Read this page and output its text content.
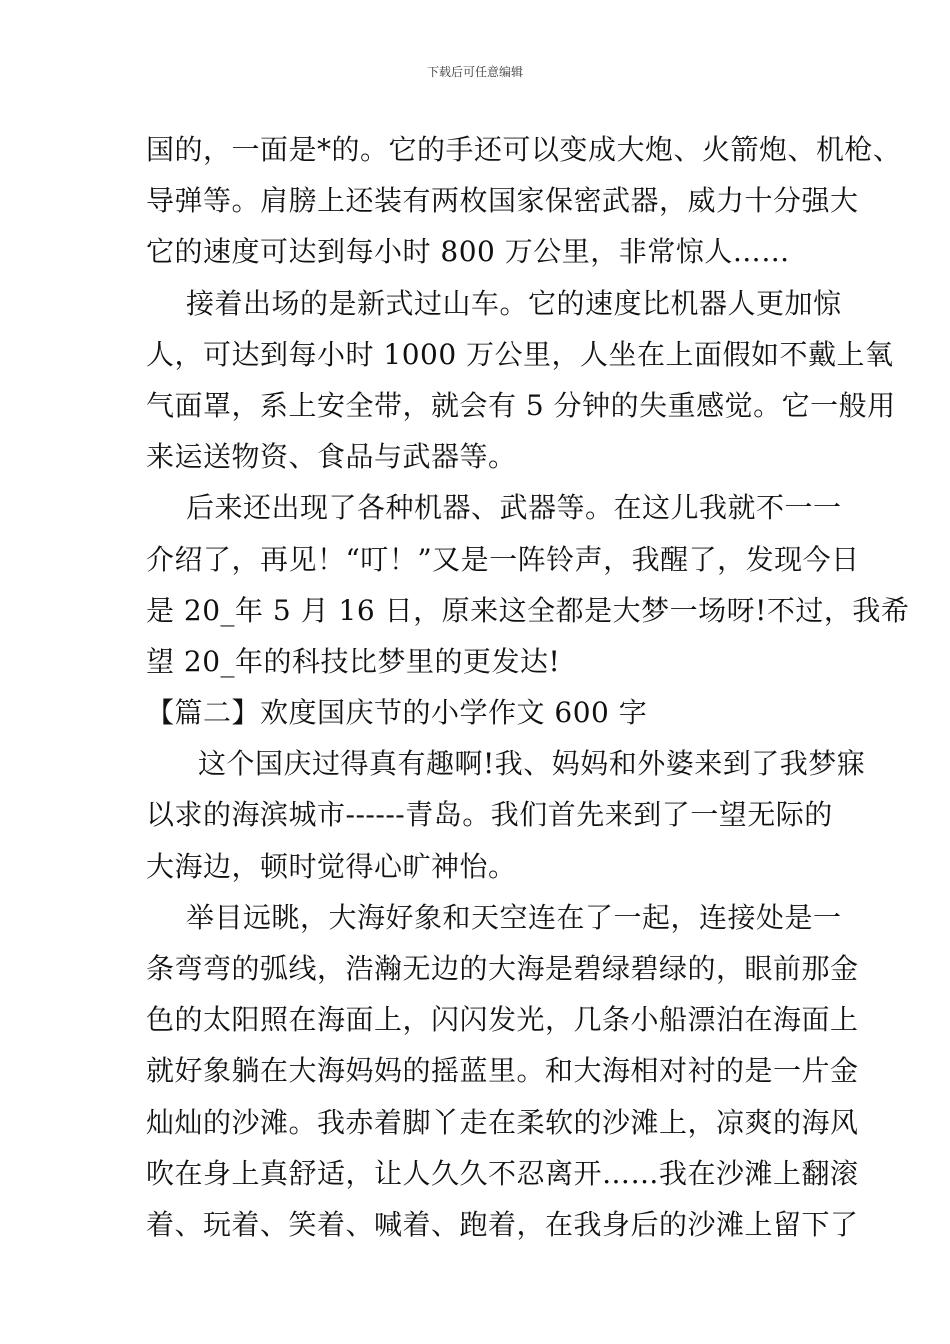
下载后可任意编辑
国的，一面是*的。它的手还可以变成大炮、火箭炮、机枪、
导弹等。肩膀上还装有两枚国家保密武器，威力十分强大
它的速度可达到每小时 800 万公里，非常惊人……
接着出场的是新式过山车。它的速度比机器人更加惊
人，可达到每小时 1000 万公里，人坐在上面假如不戴上氧
气面罩，系上安全带，就会有 5 分钟的失重感觉。它一般用
来运送物资、食品与武器等。
后来还出现了各种机器、武器等。在这儿我就不一一
介绍了，再见！“叮！”又是一阵铃声，我醒了，发现今日
是 20_年 5 月 16 日，原来这全都是大梦一场呀!不过，我希
望 20_年的科技比梦里的更发达!
【篇二】欢度国庆节的小学作文 600 字
这个国庆过得真有趣啊!我、妈妈和外婆来到了我梦寐
以求的海滨城市------青岛。我们首先来到了一望无际的
大海边，顿时觉得心旷神怡。
举目远眺，大海好象和天空连在了一起，连接处是一
条弯弯的弧线，浩瀚无边的大海是碧绿碧绿的，眼前那金
色的太阳照在海面上，闪闪发光，几条小船漂泊在海面上
就好象躺在大海妈妈的摇蓝里。和大海相对衬的是一片金
灿灿的沙滩。我赤着脚丫走在柔软的沙滩上，凉爽的海风
吹在身上真舒适，让人久久不忍离开……我在沙滩上翻滚
着、玩着、笑着、喊着、跑着，在我身后的沙滩上留下了
